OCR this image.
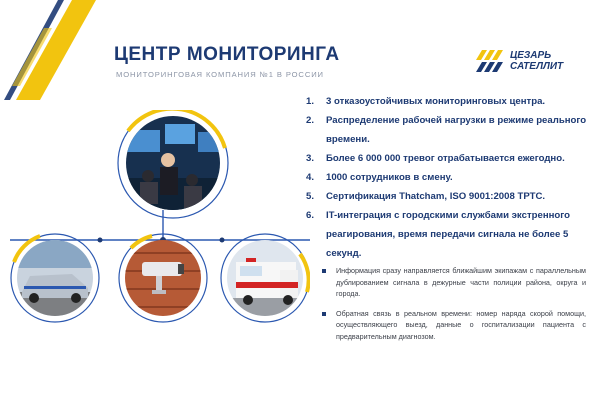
ЦЕНТР МОНИТОРИНГА
МОНИТОРИНГОВАЯ КОМПАНИЯ №1 В РОССИИ
ЦЕЗАРЬ
САТЕЛЛИТ
1. 3 отказоустойчивых мониторинговых центра.
2. Распределение рабочей нагрузки в режиме реального времени.
3. Более 6 000 000 тревог отрабатывается ежегодно.
4. 1000 сотрудников в смену.
5. Сертификация Thatcham, ISO 9001:2008 ТРТС.
6. IT-интеграция с городскими службами экстренного реагирования, время передачи сигнала не более 5 секунд.
Информация сразу направляется ближайшим экипажам с параллельным дублированием сигнала в дежурные части полиции района, округа и города.
Обратная связь в реальном времени: номер наряда скорой помощи, осуществляющего выезд, данные о госпитализации пациента с предварительным диагнозом.
